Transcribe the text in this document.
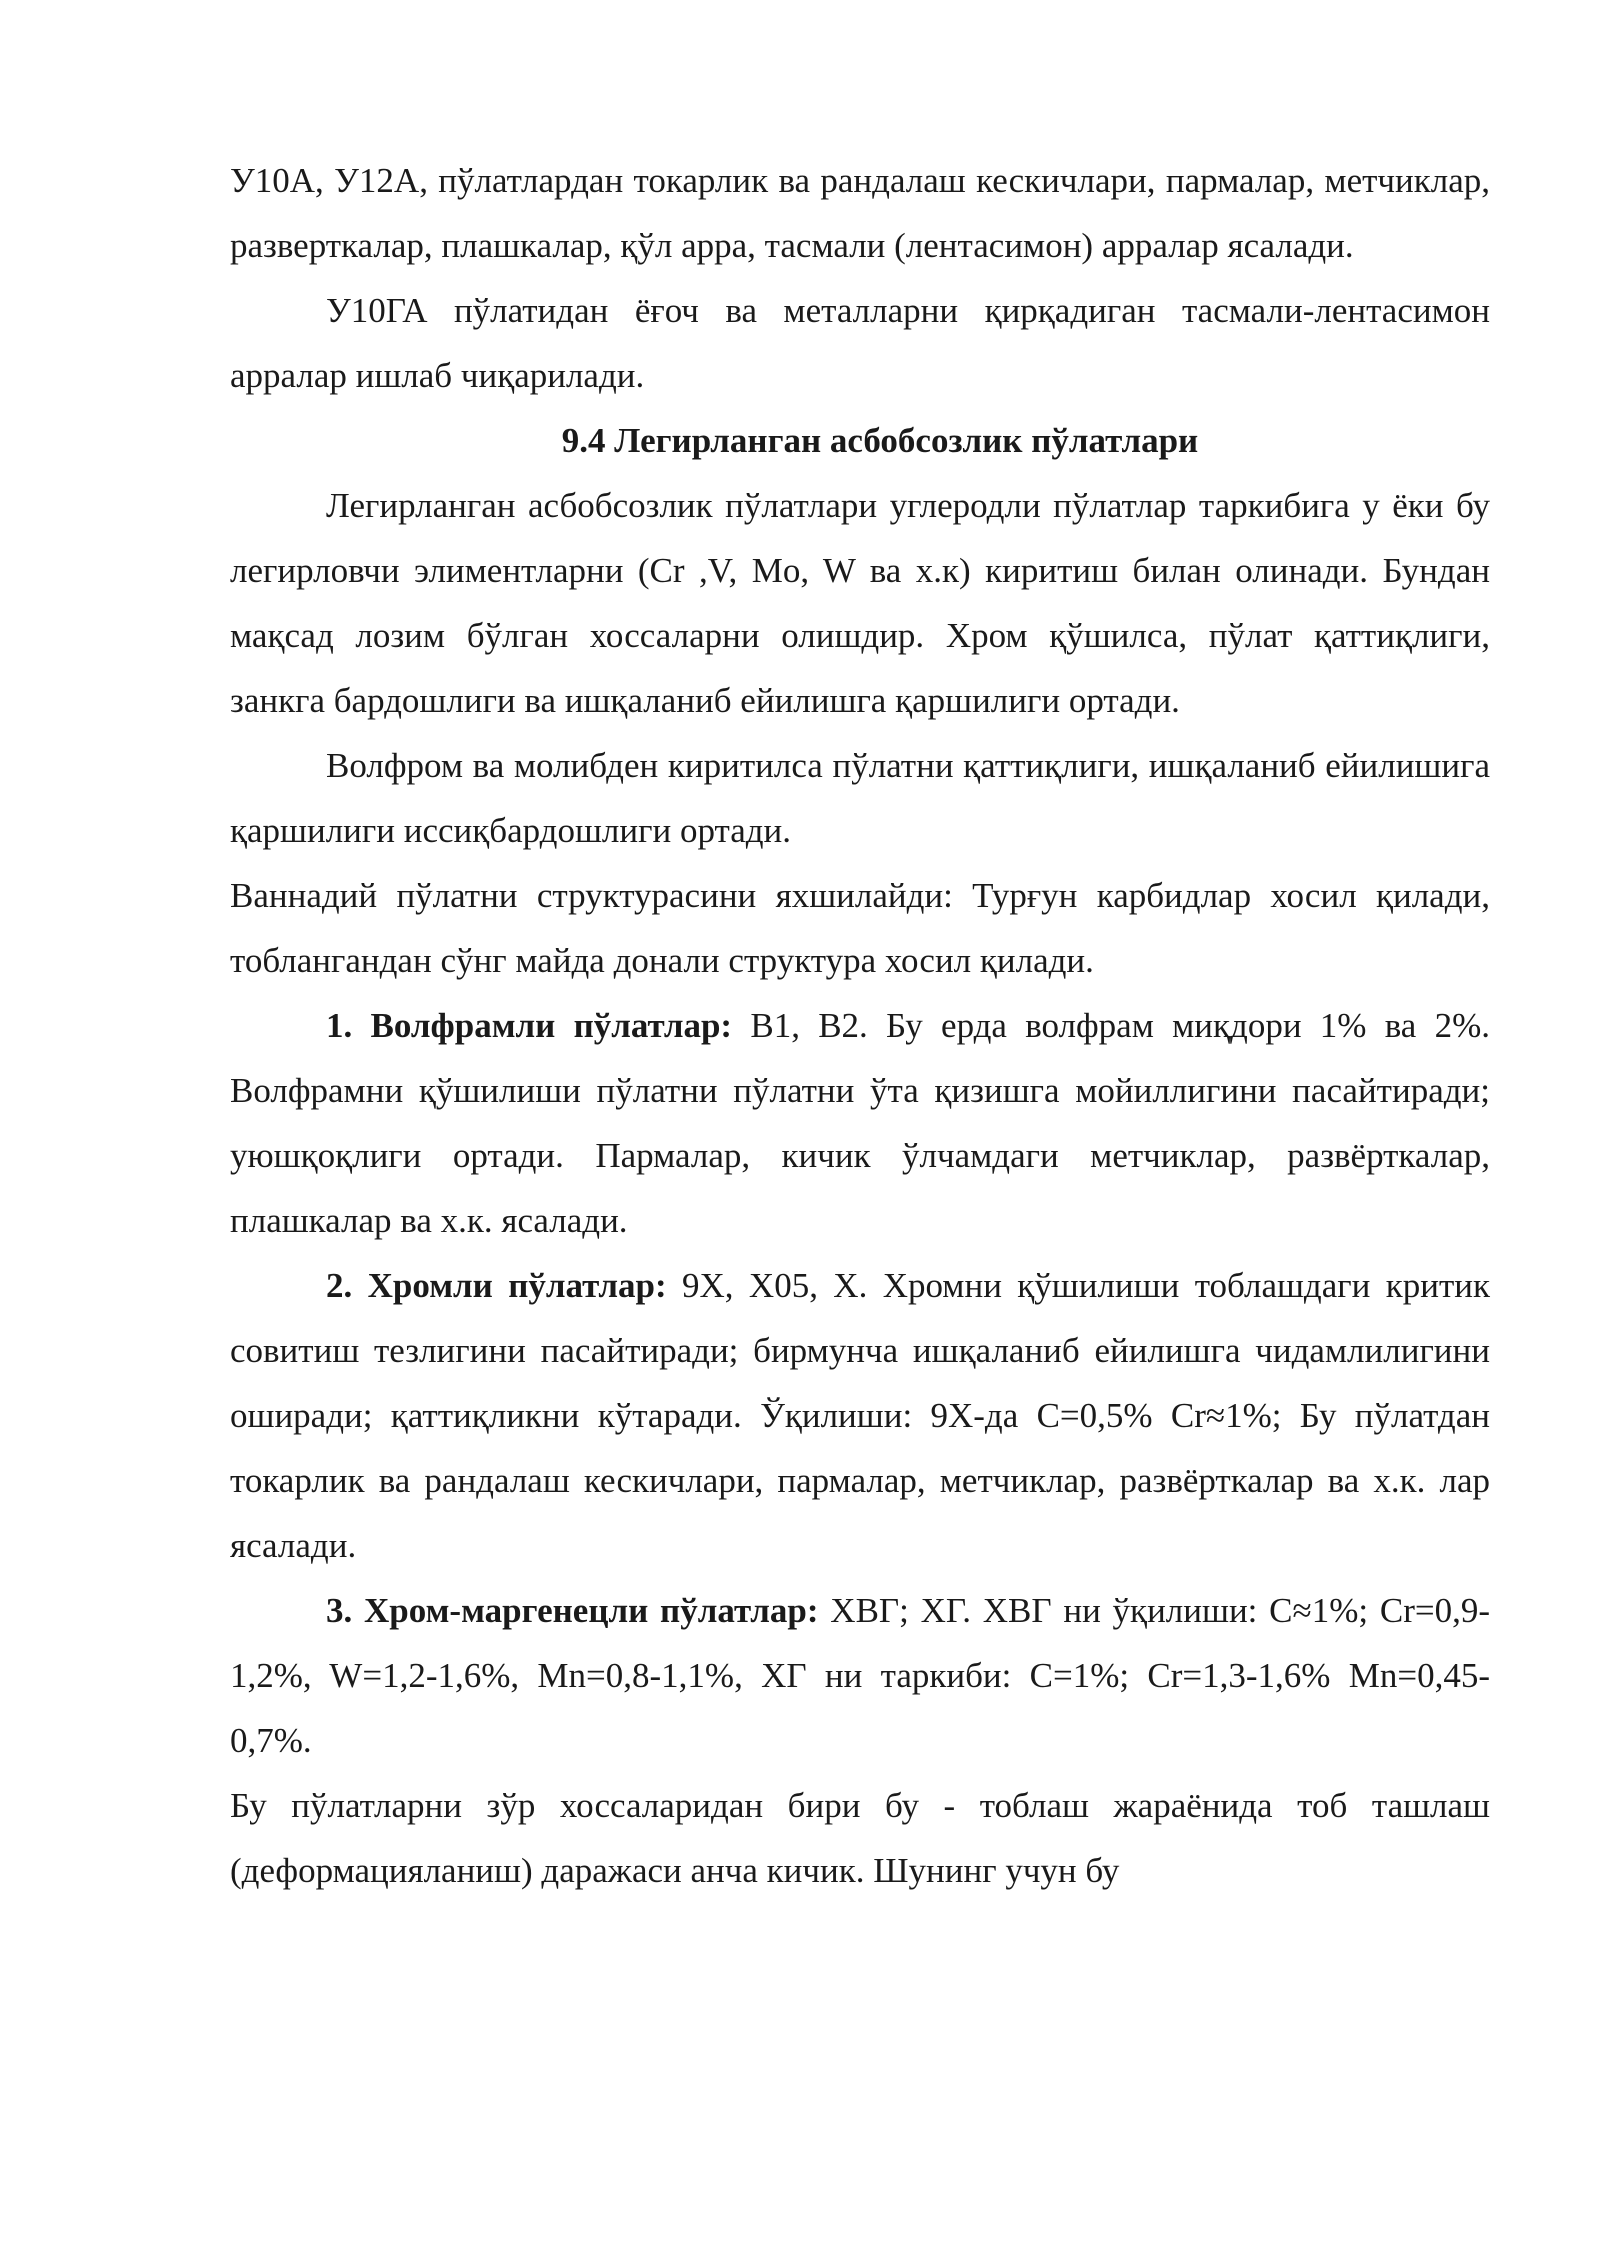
У10А, У12А, пўлатлардан токарлик ва рандалаш кескичлари, пармалар, метчиклар, разверткалар, плашкалар, қўл арра, тасмали (лентасимон) арралар ясалади.

У10ГА пўлатидан ёғоч ва металларни қирқадиган тасмали-лентасимон арралар ишлаб чиқарилади.

9.4 Легирланган асбобсозлик пўлатлари

Легирланган асбобсозлик пўлатлари углеродли пўлатлар таркибига у ёки бу легирловчи элиментларни (Cr ,V, Mo, W ва х.к) киритиш билан олинади. Бундан мақсад лозим бўлган хоссаларни олишдир. Хром қўшилса, пўлат қаттиқлиги, занкга бардошлиги ва ишқаланиб ейилишга қаршилиги ортади.

Волфром ва молибден киритилса пўлатни қаттиқлиги, ишқаланиб ейилишига қаршилиги иссиқбардошлиги ортади.

Ваннадий пўлатни структурасини яхшилайди: Турғун карбидлар хосил қилади, тоблангандан сўнг майда донали структура хосил қилади.

1. Волфрамли пўлатлар: В1, В2. Бу ерда волфрам миқдори 1% ва 2%. Волфрамни қўшилиши пўлатни пўлатни ўта қизишга мойиллигини пасайтиради; уюшқоқлиги ортади. Пармалар, кичик ўлчамдаги метчиклар, развёрткалар, плашкалар ва х.к. ясалади.

2. Хромли пўлатлар: 9Х, Х05, Х. Хромни қўшилиши тоблашдаги критик совитиш тезлигини пасайтиради; бирмунча ишқаланиб ейилишга чидамлилигини оширади; қаттиқликни кўтаради. Ўқилиши: 9Х-да С=0,5% Cr≈1%; Бу пўлатдан токарлик ва рандалаш кескичлари, пармалар, метчиклар, развёрткалар ва х.к. лар ясалади.

3. Хром-маргенецли пўлатлар: ХВГ; ХГ. ХВГ ни ўқилиши: С≈1%; Cr=0,9-1,2%, W=1,2-1,6%, Mn=0,8-1,1%, ХГ ни таркиби: С=1%; Cr=1,3-1,6% Mn=0,45-0,7%.

Бу пўлатларни зўр хоссаларидан бири бу - тоблаш жараёнида тоб ташлаш (деформацияланиш) даражаси анча кичик. Шунинг учун бу
